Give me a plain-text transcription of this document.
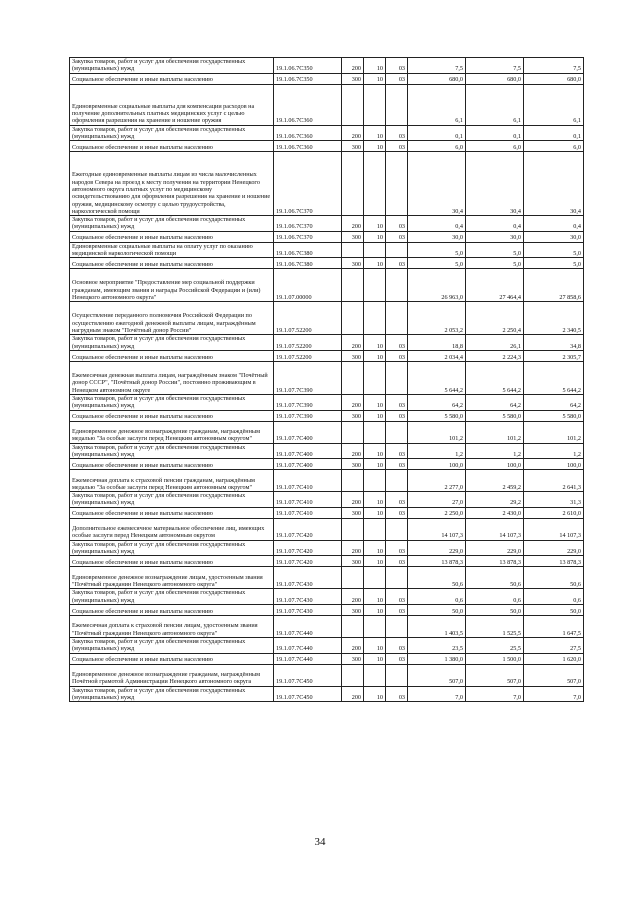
Закупка товаров, работ и услуг для обеспечения государственных (муниципальных) нужд	19.1.06.7С350	200	10	03	7,5	7,5	7,5
Социальное обеспечение и иные выплаты населению	19.1.06.7С350	300	10	03	680,0	680,0	680,0
Единовременные социальные выплаты для компенсации расходов на получение дополнительных платных медицинских услуг с целью оформления разрешения на хранение и ношение оружия	19.1.06.7С360				6,1	6,1	6,1
Закупка товаров, работ и услуг для обеспечения государственных (муниципальных) нужд	19.1.06.7С360	200	10	03	0,1	0,1	0,1
Социальное обеспечение и иные выплаты населению	19.1.06.7С360	300	10	03	6,0	6,0	6,0
Ежегодные единовременные выплаты лицам из числа малочисленных народов Севера на проезд к месту получения на территории Ненецкого автономного округа платных услуг по медицинскому освидетельствованию для оформления разрешения на хранение и ношение оружия, медицинскому осмотру с целью трудоустройства, наркологической помощи	19.1.06.7С370				30,4	30,4	30,4
Закупка товаров, работ и услуг для обеспечения государственных (муниципальных) нужд	19.1.06.7С370	200	10	03	0,4	0,4	0,4
Социальное обеспечение и иные выплаты населению	19.1.06.7С370	300	10	03	30,0	30,0	30,0
Единовременные социальные выплаты на оплату услуг по оказанию медицинской наркологической помощи	19.1.06.7С380				5,0	5,0	5,0
Социальное обеспечение и иные выплаты населению	19.1.06.7С380	300	10	03	5,0	5,0	5,0
Основное мероприятие "Предоставление мер социальной поддержки гражданам, имеющим звания и награды Российской Федерации и (или) Ненецкого автономного округа"	19.1.07.00000				26 963,0	27 464,4	27 858,6
Осуществление переданного полномочия Российской Федерации по осуществлению ежегодной денежной выплаты лицам, награждённым нагрудным знаком "Почётный донор России"	19.1.07.52200				2 053,2	2 250,4	2 340,5
Закупка товаров, работ и услуг для обеспечения государственных (муниципальных) нужд	19.1.07.52200	200	10	03	18,8	26,1	34,8
Социальное обеспечение и иные выплаты населению	19.1.07.52200	300	10	03	2 034,4	2 224,3	2 305,7
Ежемесячная денежная выплата лицам, награждённым знаком "Почётный донор СССР", "Почётный донор России", постоянно проживающим в Ненецком автономном округе	19.1.07.7С390				5 644,2	5 644,2	5 644,2
Закупка товаров, работ и услуг для обеспечения государственных (муниципальных) нужд	19.1.07.7С390	200	10	03	64,2	64,2	64,2
Социальное обеспечение и иные выплаты населению	19.1.07.7С390	300	10	03	5 580,0	5 580,0	5 580,0
Единовременное денежное вознаграждение гражданам, награждённым медалью "За особые заслуги перед Ненецким автономным округом"	19.1.07.7С400				101,2	101,2	101,2
Закупка товаров, работ и услуг для обеспечения государственных (муниципальных) нужд	19.1.07.7С400	200	10	03	1,2	1,2	1,2
Социальное обеспечение и иные выплаты населению	19.1.07.7С400	300	10	03	100,0	100,0	100,0
Ежемесячная доплата к страховой пенсии гражданам, награждённым медалью "За особые заслуги перед Ненецким автономным округом"	19.1.07.7С410				2 277,0	2 459,2	2 641,3
Закупка товаров, работ и услуг для обеспечения государственных (муниципальных) нужд	19.1.07.7С410	200	10	03	27,0	29,2	31,3
Социальное обеспечение и иные выплаты населению	19.1.07.7С410	300	10	03	2 250,0	2 430,0	2 610,0
Дополнительное ежемесячное материальное обеспечение лиц, имеющих особые заслуги перед Ненецким автономным округом	19.1.07.7С420				14 107,3	14 107,3	14 107,3
Закупка товаров, работ и услуг для обеспечения государственных (муниципальных) нужд	19.1.07.7С420	200	10	03	229,0	229,0	229,0
Социальное обеспечение и иные выплаты населению	19.1.07.7С420	300	10	03	13 878,3	13 878,3	13 878,3
Единовременное денежное вознаграждение лицам, удостоенным звания "Почётный гражданин Ненецкого автономного округа"	19.1.07.7С430				50,6	50,6	50,6
Закупка товаров, работ и услуг для обеспечения государственных (муниципальных) нужд	19.1.07.7С430	200	10	03	0,6	0,6	0,6
Социальное обеспечение и иные выплаты населению	19.1.07.7С430	300	10	03	50,0	50,0	50,0
Ежемесячная доплата к страховой пенсии лицам, удостоенным звания "Почётный гражданин Ненецкого автономного округа"	19.1.07.7С440				1 403,5	1 525,5	1 647,5
Закупка товаров, работ и услуг для обеспечения государственных (муниципальных) нужд	19.1.07.7С440	200	10	03	23,5	25,5	27,5
Социальное обеспечение и иные выплаты населению	19.1.07.7С440	300	10	03	1 380,0	1 500,0	1 620,0
Единовременное денежное вознаграждение гражданам, награждённым Почётной грамотой Администрации Ненецкого автономного округа	19.1.07.7С450				507,0	507,0	507,0
Закупка товаров, работ и услуг для обеспечения государственных (муниципальных) нужд	19.1.07.7С450	200	10	03	7,0	7,0	7,0
34
